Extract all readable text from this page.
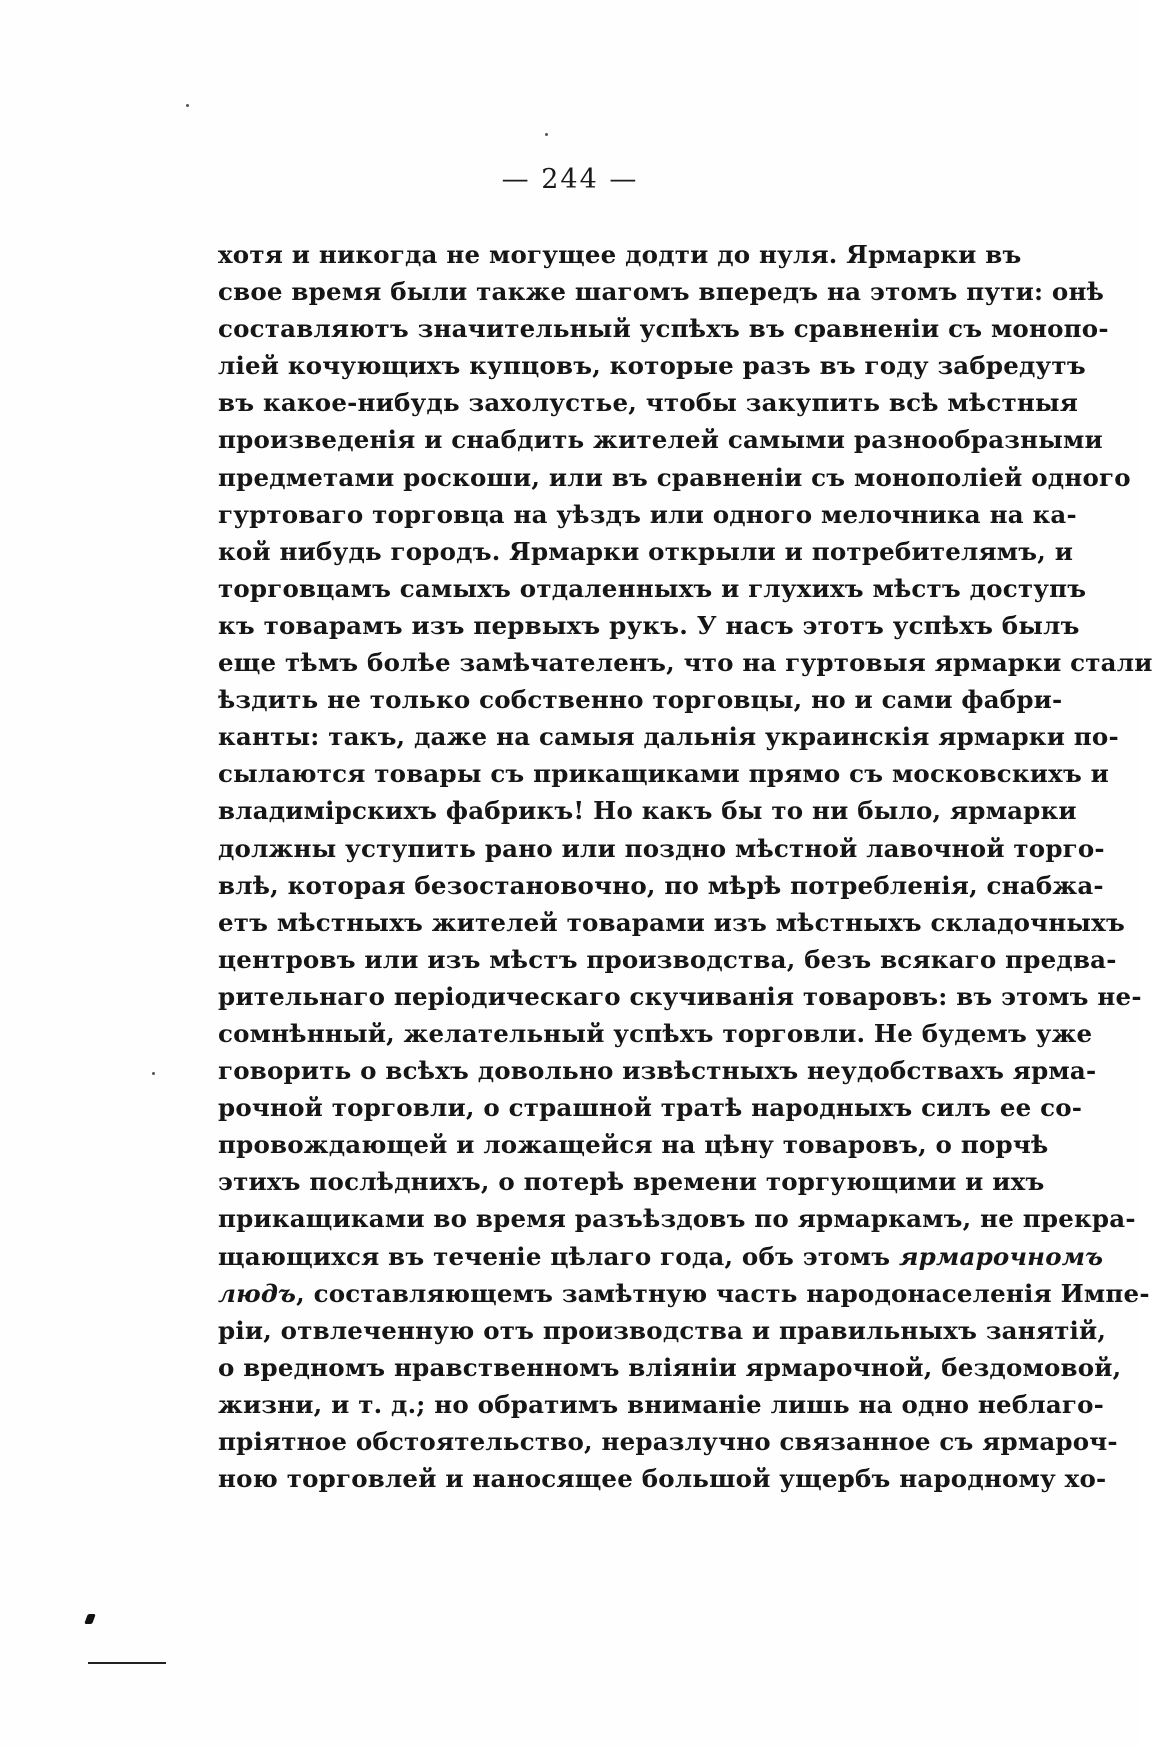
— 244 —
хотя и никогда не могущее додти до нуля. Ярмарки въ
свое время были также шагомъ впередъ на этомъ пути: онѣ
составляютъ значительный успѣхъ въ сравненіи съ монопо-
ліей кочующихъ купцовъ, которые разъ въ году забредутъ
въ какое-нибудь захолустье, чтобы закупить всѣ мѣстныя
произведенія и снабдить жителей самыми разнообразными
предметами роскоши, или въ сравненіи съ монополіей одного
гуртоваго торговца на уѣздъ или одного мелочника на ка-
кой нибудь городъ. Ярмарки открыли и потребителямъ, и
торговцамъ самыхъ отдаленныхъ и глухихъ мѣстъ доступъ
къ товарамъ изъ первыхъ рукъ. У насъ этотъ успѣхъ былъ
еще тѣмъ болѣе замѣчателенъ, что на гуртовыя ярмарки стали
ѣздить не только собственно торговцы, но и сами фабри-
канты: такъ, даже на самыя дальнія украинскія ярмарки по-
сылаются товары съ прикащиками прямо съ московскихъ и
владимірскихъ фабрикъ! Но какъ бы то ни было, ярмарки
должны уступить рано или поздно мѣстной лавочной торго-
влѣ, которая безостановочно, по мѣрѣ потребленія, снабжа-
етъ мѣстныхъ жителей товарами изъ мѣстныхъ складочныхъ
центровъ или изъ мѣстъ производства, безъ всякаго предва-
рительнаго періодическаго скучиванія товаровъ: въ этомъ не-
сомнѣнный, желательный успѣхъ торговли. Не будемъ уже
говорить о всѣхъ довольно извѣстныхъ неудобствахъ ярма-
рочной торговли, о страшной тратѣ народныхъ силъ ее со-
провождающей и ложащейся на цѣну товаровъ, о порчѣ
этихъ послѣднихъ, о потерѣ времени торгующими и ихъ
прикащиками во время разъѣздовъ по ярмаркамъ, не прекра-
щающихся въ теченіе цѣлаго года, объ этомъ ярмарочномъ
людъ, составляющемъ замѣтную часть народонаселенія Импе-
ріи, отвлеченную отъ производства и правильныхъ занятій,
о вредномъ нравственномъ вліяніи ярмарочной, бездомовой,
жизни, и т. д.; но обратимъ вниманіе лишь на одно неблаго-
пріятное обстоятельство, неразлучно связанное съ ярмароч-
ною торговлей и наносящее большой ущербъ народному хо-
